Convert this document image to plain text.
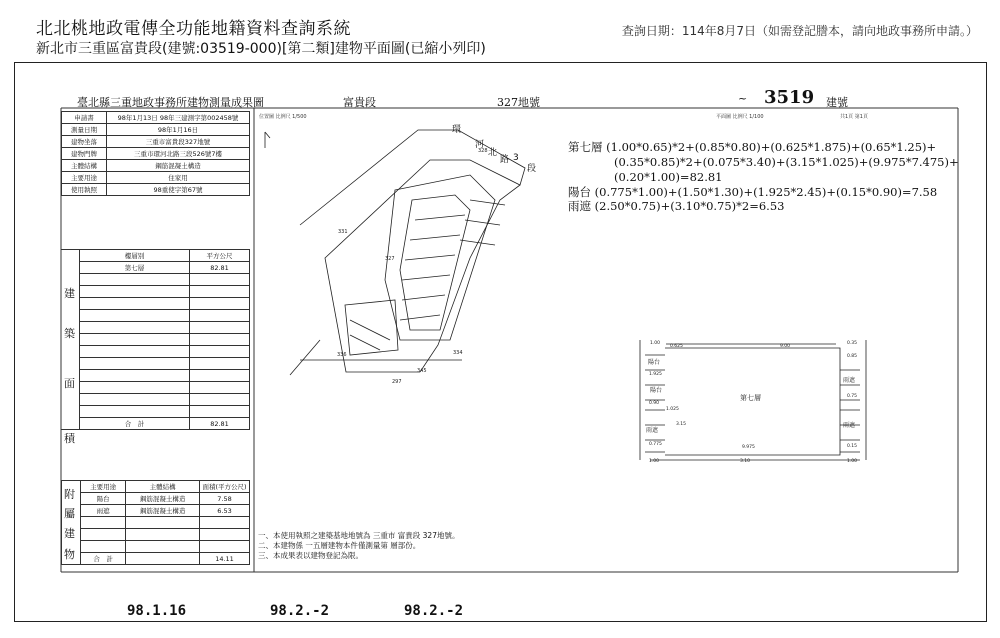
北北桃地政電傳全功能地籍資料查詢系統
新北市三重區富貴段(建號:03519-000)[第二類]建物平面圖(已縮小列印)
查詢日期：114年8月7日（如需登記謄本，請向地政事務所申請。）
臺北縣三重地政事務所建物測量成果圖	富貴段	327地號	~ 3519 建號
位置圖 比例尺 1/500
環
河
北
路 3
段
327
328
334
331
336
297
345
平面圖 比例尺 1/100	共1頁 第1頁
第七層
陽台
陽台
雨遮
雨遮
雨遮
1.00
0.625	9.00
0.35
0.85
0.75
1.925
0.90
1.025
0.775
3.15
1.00
9.975
3.10
0.15
1.00
申請書	98年1月13日 98年三建測字第002458號
測量日期	98年1月16日
建物坐落	三重市富貴段327地號
建物門牌	三重市環河北路三段526號7樓
主體結構	鋼筋混凝土構造
主要用途	住家用
使用執照	98重使字第67號
	樓層別	平方公尺
	第七層	82.81

	合　計	82.81
建
築
面
積
	主要用途	主體結構	面積(平方公尺)
	陽台	鋼筋混凝土構造	7.58
	雨遮	鋼筋混凝土構造	6.53

	合　計		14.11
附
屬
建
物
第七層 (1.00*0.65)*2+(0.85*0.80)+(0.625*1.875)+(0.65*1.25)+
(0.35*0.85)*2+(0.075*3.40)+(3.15*1.025)+(9.975*7.475)+
(0.20*1.00)=82.81
陽台 (0.775*1.00)+(1.50*1.30)+(1.925*2.45)+(0.15*0.90)=7.58
雨遮 (2.50*0.75)+(3.10*0.75)*2=6.53
一、本使用執照之建築基地地號為 三重市 富貴段 327地號。
二、本建物係 一五層建物本件僅測量第 層部份。
三、本成果表以建物登記為限。
98.1.16	98.2.-2	98.2.-2
